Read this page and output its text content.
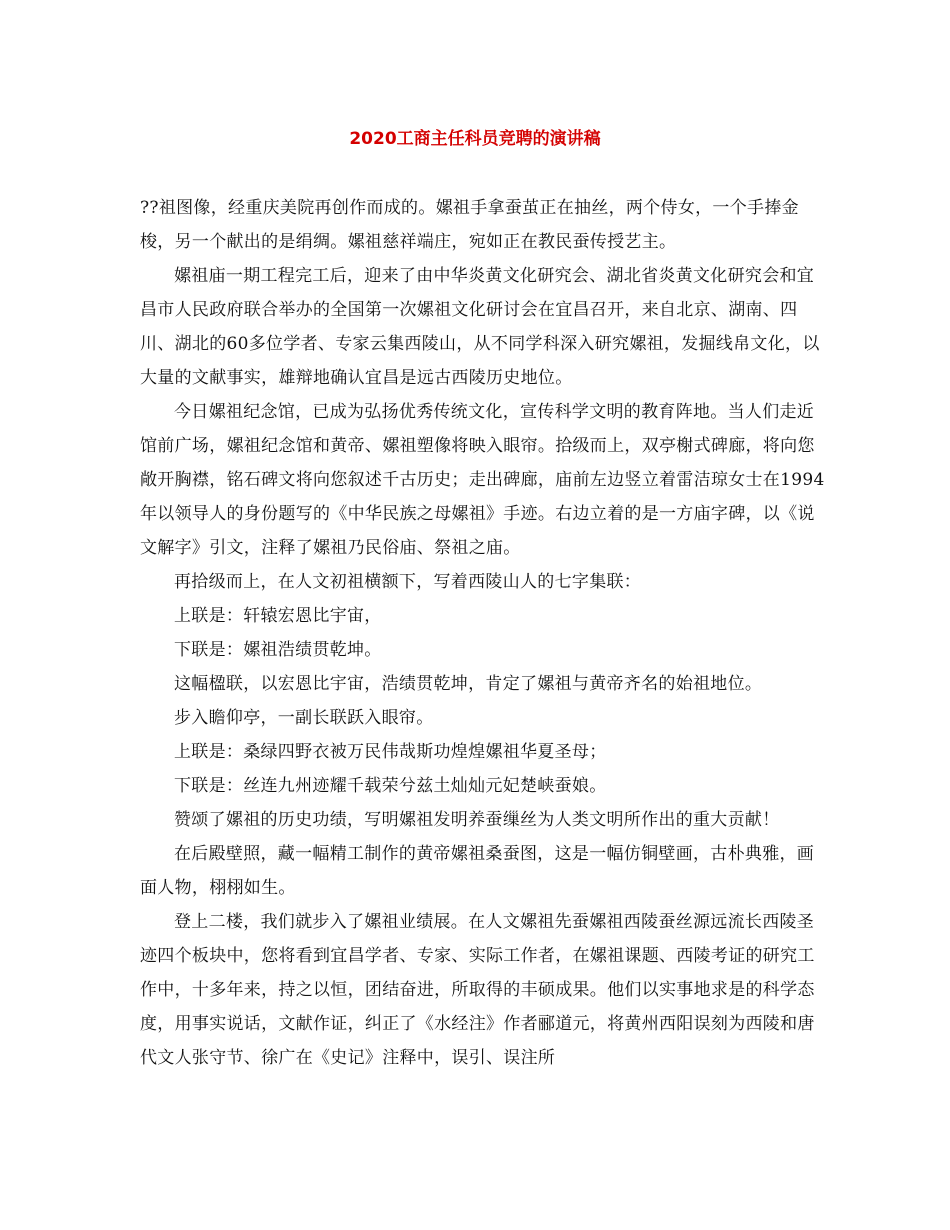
2020工商主任科员竞聘的演讲稿

??祖图像，经重庆美院再创作而成的。嫘祖手拿蚕茧正在抽丝，两个侍女，一个手捧金梭，另一个献出的是绢绸。嫘祖慈祥端庄，宛如正在教民蚕传授艺主。

嫘祖庙一期工程完工后，迎来了由中华炎黄文化研究会、湖北省炎黄文化研究会和宜昌市人民政府联合举办的全国第一次嫘祖文化研讨会在宜昌召开，来自北京、湖南、四川、湖北的60多位学者、专家云集西陵山，从不同学科深入研究嫘祖，发掘线帛文化，以大量的文献事实，雄辩地确认宜昌是远古西陵历史地位。

今日嫘祖纪念馆，已成为弘扬优秀传统文化，宣传科学文明的教育阵地。当人们走近馆前广场，嫘祖纪念馆和黄帝、嫘祖塑像将映入眼帘。拾级而上，双亭榭式碑廊，将向您敞开胸襟，铭石碑文将向您叙述千古历史；走出碑廊，庙前左边竖立着雷洁琼女士在1994年以领导人的身份题写的《中华民族之母嫘祖》手迹。右边立着的是一方庙字碑，以《说文解字》引文，注释了嫘祖乃民俗庙、祭祖之庙。

再拾级而上，在人文初祖横额下，写着西陵山人的七字集联：

上联是：轩辕宏恩比宇宙，

下联是：嫘祖浩绩贯乾坤。

这幅楹联，以宏恩比宇宙，浩绩贯乾坤，肯定了嫘祖与黄帝齐名的始祖地位。

步入瞻仰亭，一副长联跃入眼帘。

上联是：桑绿四野衣被万民伟哉斯功煌煌嫘祖华夏圣母；

下联是：丝连九州迹耀千载荣兮兹土灿灿元妃楚峡蚕娘。

赞颂了嫘祖的历史功绩，写明嫘祖发明养蚕缫丝为人类文明所作出的重大贡献！

在后殿壁照，藏一幅精工制作的黄帝嫘祖桑蚕图，这是一幅仿铜壁画，古朴典雅，画面人物，栩栩如生。

登上二楼，我们就步入了嫘祖业绩展。在人文嫘祖先蚕嫘祖西陵蚕丝源远流长西陵圣迹四个板块中，您将看到宜昌学者、专家、实际工作者，在嫘祖课题、西陵考证的研究工作中，十多年来，持之以恒，团结奋进，所取得的丰硕成果。他们以实事地求是的科学态度，用事实说话，文献作证，纠正了《水经注》作者郦道元，将黄州西阳误刻为西陵和唐代文人张守节、徐广在《史记》注释中，误引、误注所
